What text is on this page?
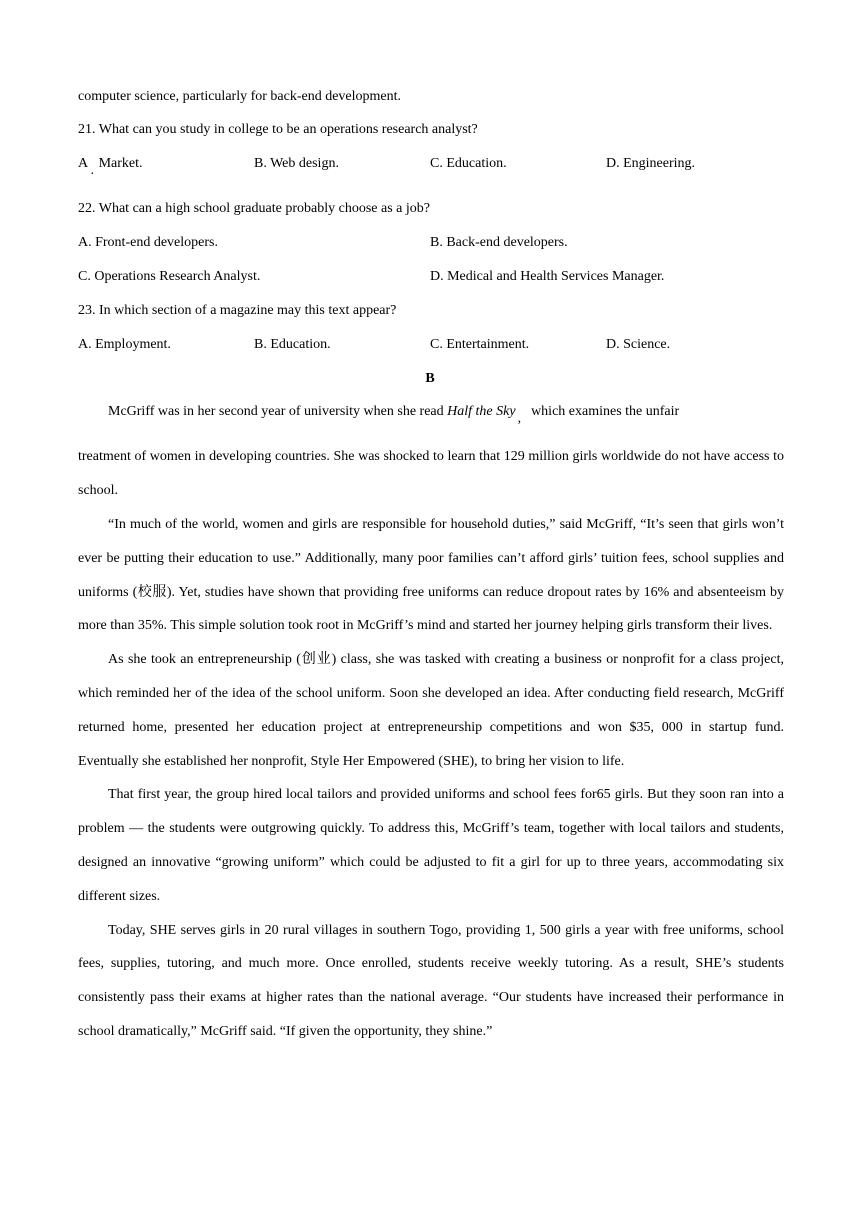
computer science, particularly for back-end development.
21. What can you study in college to be an operations research analyst?
A   Market.	B. Web design.	C. Education.	D. Engineering.
·
22. What can a high school graduate probably choose as a job?
A. Front-end developers.	B. Back-end developers.
C. Operations Research Analyst.	D. Medical and Health Services Manager.
23. In which section of a magazine may this text appear?
A. Employment.	B. Education.	C. Entertainment.	D. Science.
B
McGriff was in her second year of university when she read Half the Sky , which examines the unfair
treatment of women in developing countries. She was shocked to learn that 129 million girls worldwide do not have access to school.

“In much of the world, women and girls are responsible for household duties,” said McGriff, “It’s seen that girls won’t ever be putting their education to use.” Additionally, many poor families can’t afford girls’ tuition fees, school supplies and uniforms (校服). Yet, studies have shown that providing free uniforms can reduce dropout rates by 16% and absenteeism by more than 35%. This simple solution took root in McGriff’s mind and started her journey helping girls transform their lives.

As she took an entrepreneurship (创业) class, she was tasked with creating a business or nonprofit for a class project, which reminded her of the idea of the school uniform. Soon she developed an idea. After conducting field research, McGriff returned home, presented her education project at entrepreneurship competitions and won $35, 000 in startup fund. Eventually she established her nonprofit, Style Her Empowered (SHE), to bring her vision to life.

That first year, the group hired local tailors and provided uniforms and school fees for65 girls. But they soon ran into a problem — the students were outgrowing quickly. To address this, McGriff’s team, together with local tailors and students, designed an innovative “growing uniform” which could be adjusted to fit a girl for up to three years, accommodating six different sizes.

Today, SHE serves girls in 20 rural villages in southern Togo, providing 1, 500 girls a year with free uniforms, school fees, supplies, tutoring, and much more. Once enrolled, students receive weekly tutoring. As a result, SHE’s students consistently pass their exams at higher rates than the national average. “Our students have increased their performance in school dramatically,” McGriff said. “If given the opportunity, they shine.”
